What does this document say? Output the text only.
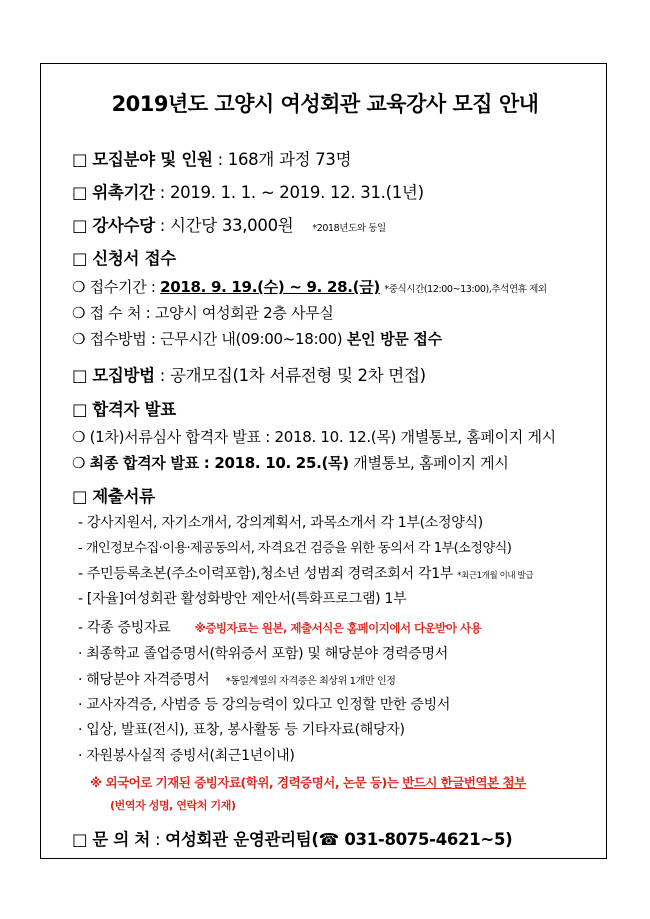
2019년도 고양시 여성회관 교육강사 모집 안내
□ 모집분야 및 인원 : 168개 과정 73명
□ 위촉기간 : 2019. 1. 1. ~ 2019. 12. 31.(1년)
□ 강사수당 : 시간당 33,000원 *2018년도와 동일
□ 신청서 접수
❍ 접수기간 : 2018. 9. 19.(수) ~ 9. 28.(금) *중식시간(12:00~13:00),추석연휴 제외
❍ 접 수 처 : 고양시 여성회관 2층 사무실
❍ 접수방법 : 근무시간 내(09:00~18:00) 본인 방문 접수
□ 모집방법 : 공개모집(1차 서류전형 및 2차 면접)
□ 합격자 발표
❍ (1차)서류심사 합격자 발표 : 2018. 10. 12.(목) 개별통보, 홈페이지 게시
❍ 최종 합격자 발표 : 2018. 10. 25.(목) 개별통보, 홈페이지 게시
□ 제출서류
- 강사지원서, 자기소개서, 강의계획서, 과목소개서 각 1부(소정양식)
- 개인정보수집·이용·제공동의서, 자격요건 검증을 위한 동의서 각 1부(소정양식)
- 주민등록초본(주소이력포함),청소년 성범죄 경력조회서 각1부 *최근1개월 이내 발급
- [자율]여성회관 활성화방안 제안서(특화프로그램) 1부
- 각종 증빙자료 ※증빙자료는 원본, 제출서식은 홈페이지에서 다운받아 사용
· 최종학교 졸업증명서(학위증서 포함) 및 해당분야 경력증명서
· 해당분야 자격증명서 *동일계열의 자격증은 최상위 1개만 인정
· 교사자격증, 사범증 등 강의능력이 있다고 인정할 만한 증빙서
· 입상, 발표(전시), 표창, 봉사활동 등 기타자료(해당자)
· 자원봉사실적 증빙서(최근1년이내)
※ 외국어로 기재된 증빙자료(학위, 경력증명서, 논문 등)는 반드시 한글번역본 첨부
(번역자 성명, 연락처 기재)
□ 문 의 처 : 여성회관 운영관리팀(☎ 031-8075-4621~5)
